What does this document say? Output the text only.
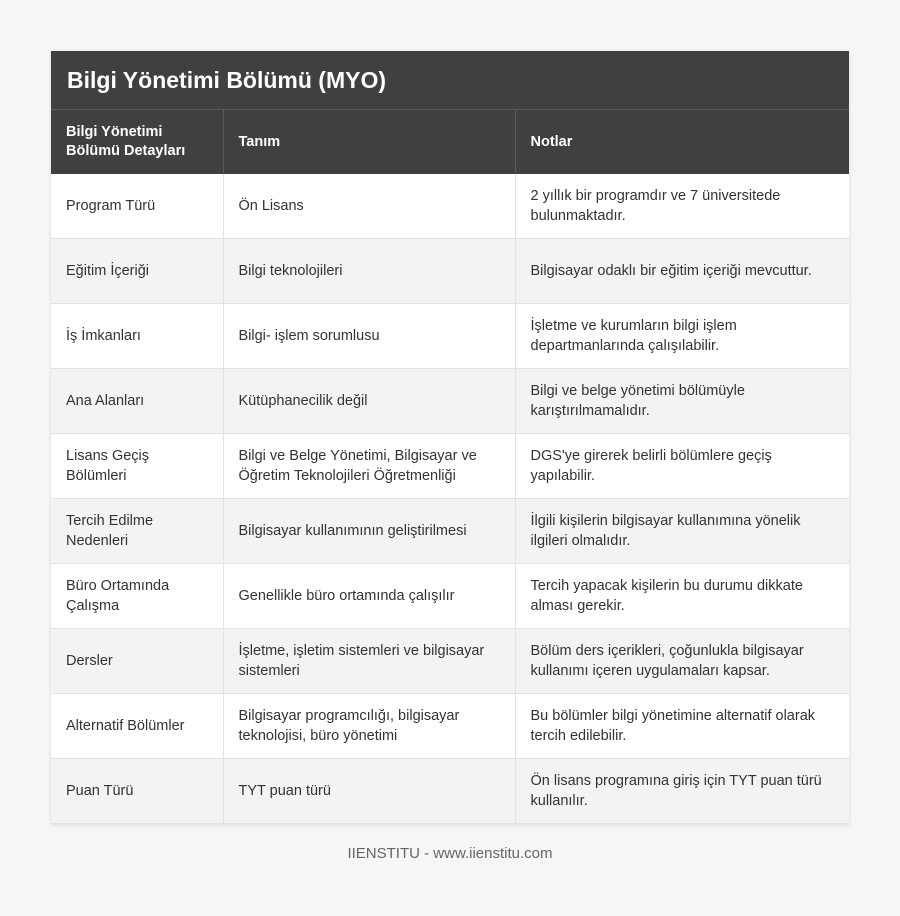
Bilgi Yönetimi Bölümü (MYO)
Bilgi Yönetimi Bölümü Detayları	Tanım	Notlar
Program Türü	Ön Lisans	2 yıllık bir programdır ve 7 üniversitede bulunmaktadır.
Eğitim İçeriği	Bilgi teknolojileri	Bilgisayar odaklı bir eğitim içeriği mevcuttur.
İş İmkanları	Bilgi- işlem sorumlusu	İşletme ve kurumların bilgi işlem departmanlarında çalışılabilir.
Ana Alanları	Kütüphanecilik değil	Bilgi ve belge yönetimi bölümüyle karıştırılmamalıdır.
Lisans Geçiş Bölümleri	Bilgi ve Belge Yönetimi, Bilgisayar ve Öğretim Teknolojileri Öğretmenliği	DGS'ye girerek belirli bölümlere geçiş yapılabilir.
Tercih Edilme Nedenleri	Bilgisayar kullanımının geliştirilmesi	İlgili kişilerin bilgisayar kullanımına yönelik ilgileri olmalıdır.
Büro Ortamında Çalışma	Genellikle büro ortamında çalışılır	Tercih yapacak kişilerin bu durumu dikkate alması gerekir.
Dersler	İşletme, işletim sistemleri ve bilgisayar sistemleri	Bölüm ders içerikleri, çoğunlukla bilgisayar kullanımı içeren uygulamaları kapsar.
Alternatif Bölümler	Bilgisayar programcılığı, bilgisayar teknolojisi, büro yönetimi	Bu bölümler bilgi yönetimine alternatif olarak tercih edilebilir.
Puan Türü	TYT puan türü	Ön lisans programına giriş için TYT puan türü kullanılır.
IIENSTITU - www.iienstitu.com
